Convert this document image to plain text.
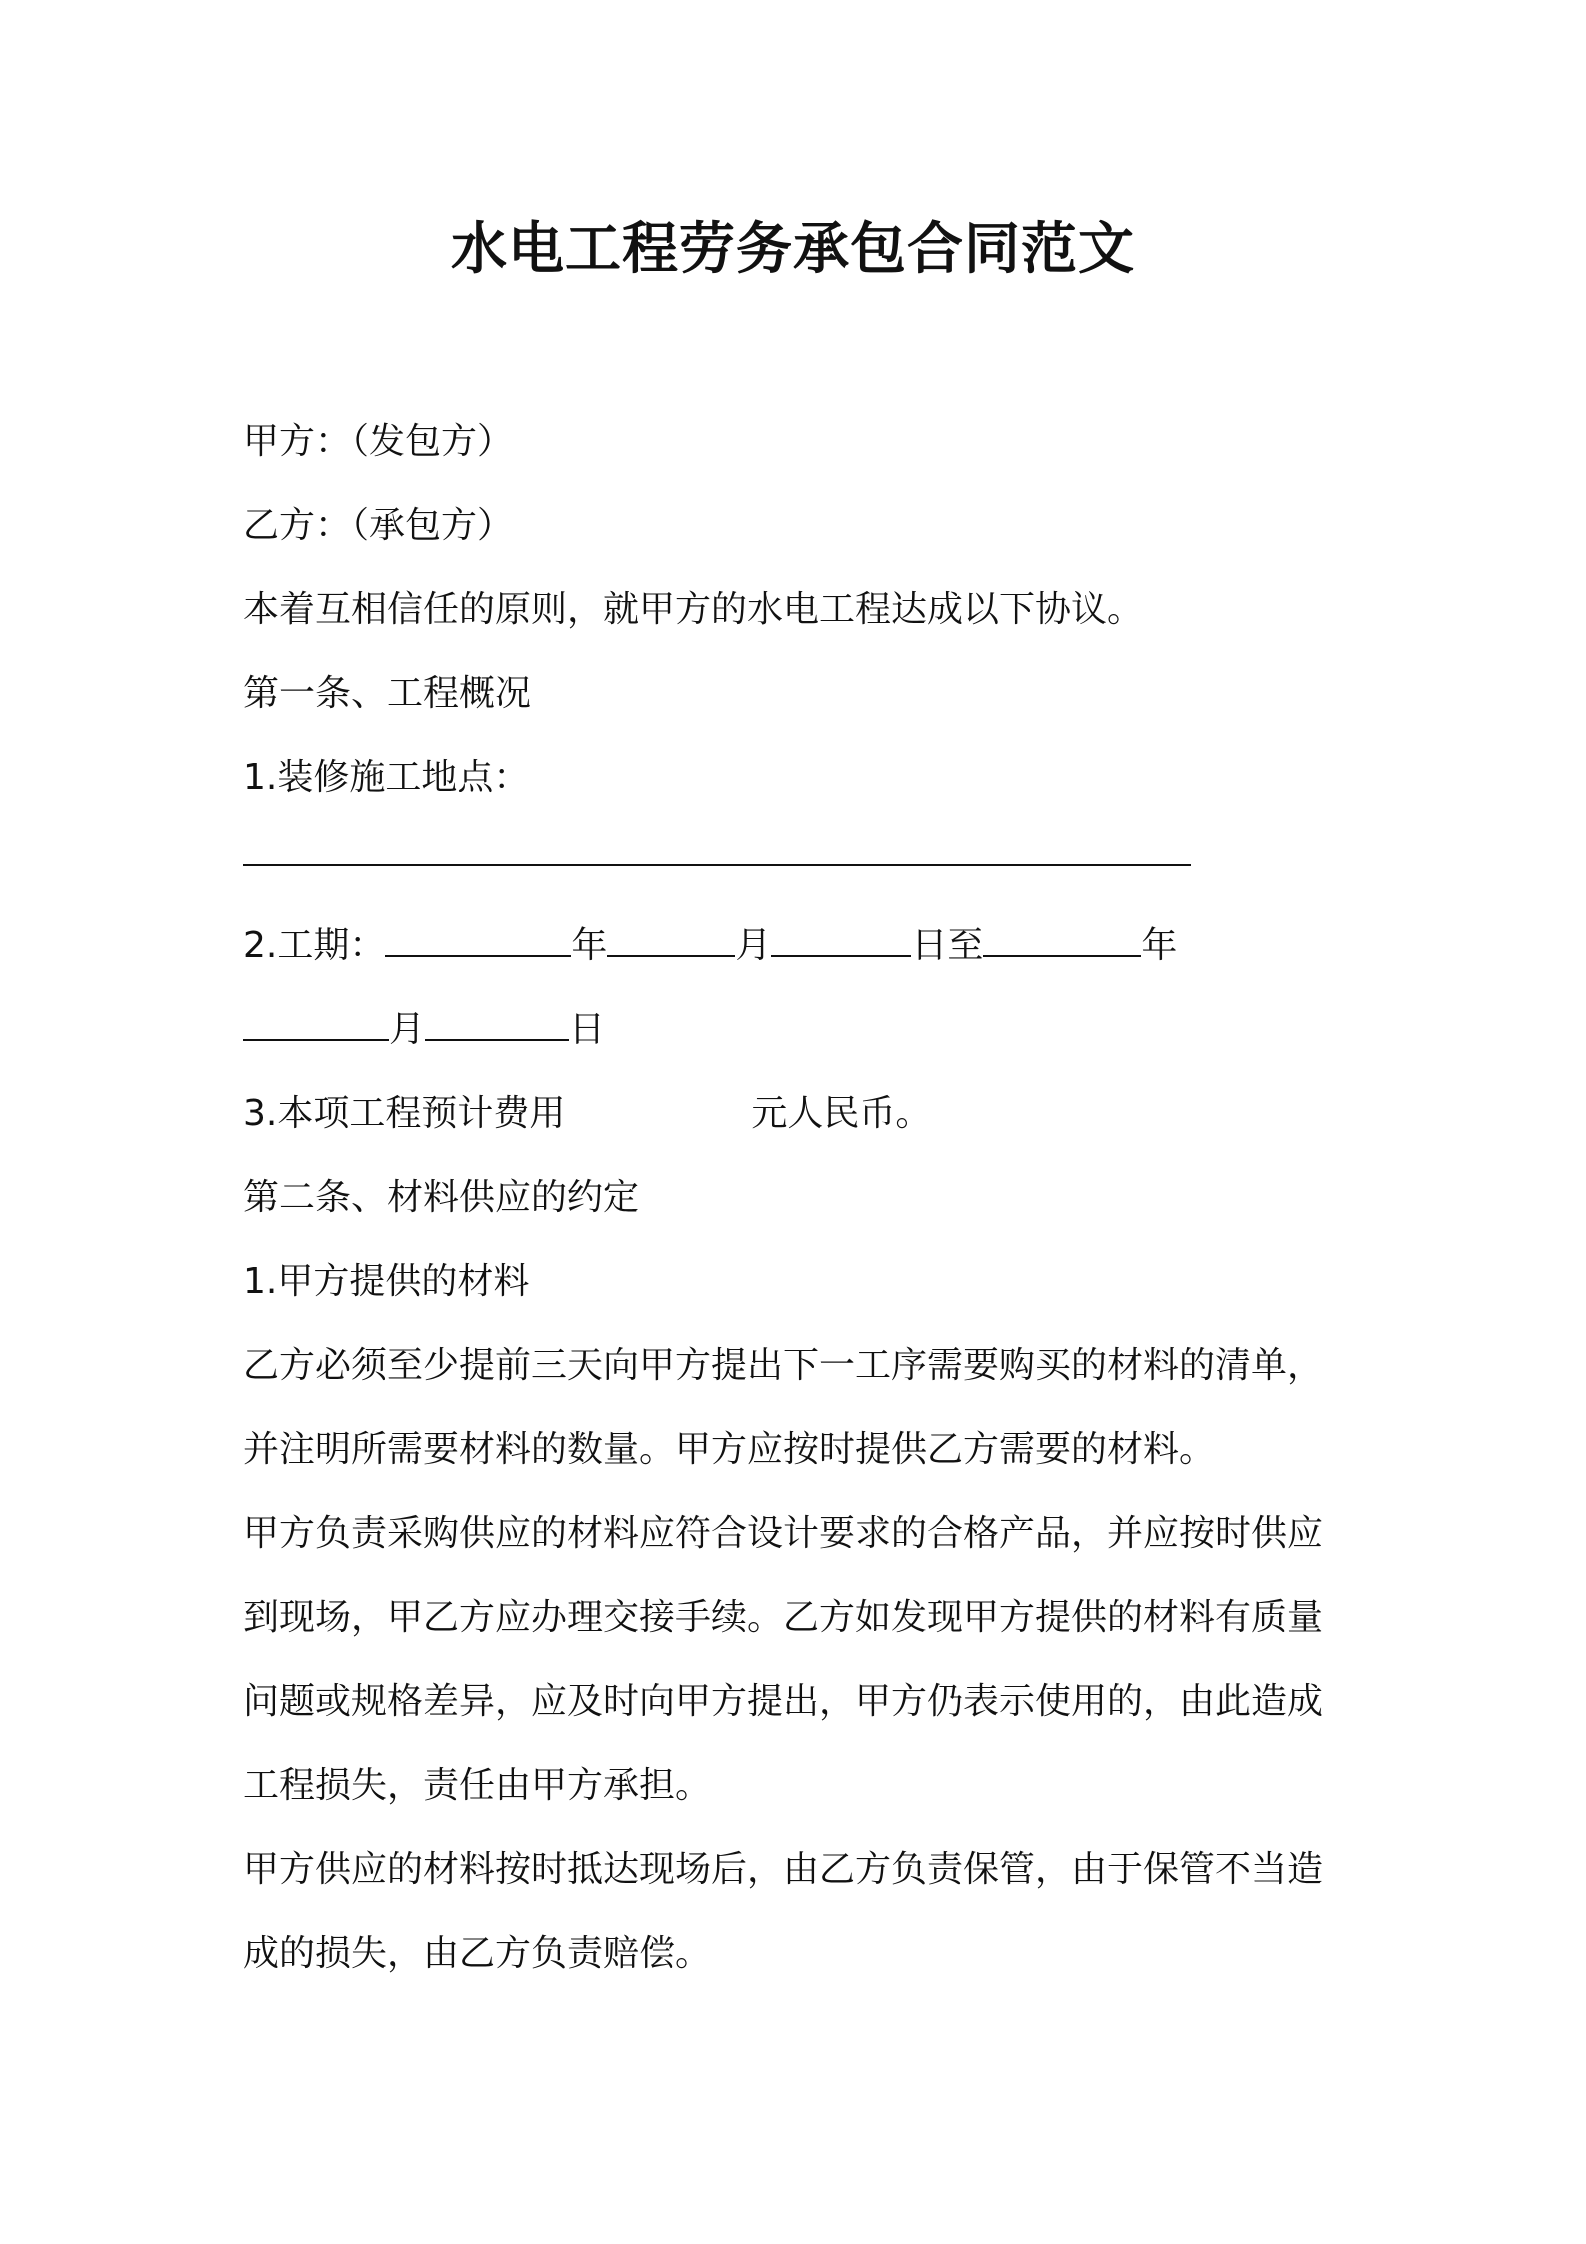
水电工程劳务承包合同范文
甲方：（发包方）
乙方：（承包方）
本着互相信任的原则，就甲方的水电工程达成以下协议。
第一条、工程概况
1.装修施工地点：
2.工期：	年	月	日至	年
月	日
3.本项工程预计费用	元人民币。
第二条、材料供应的约定
1.甲方提供的材料
乙方必须至少提前三天向甲方提出下一工序需要购买的材料的清单，
并注明所需要材料的数量。甲方应按时提供乙方需要的材料。
甲方负责采购供应的材料应符合设计要求的合格产品，并应按时供应
到现场，甲乙方应办理交接手续。乙方如发现甲方提供的材料有质量
问题或规格差异，应及时向甲方提出，甲方仍表示使用的，由此造成
工程损失，责任由甲方承担。
甲方供应的材料按时抵达现场后，由乙方负责保管，由于保管不当造
成的损失，由乙方负责赔偿。
